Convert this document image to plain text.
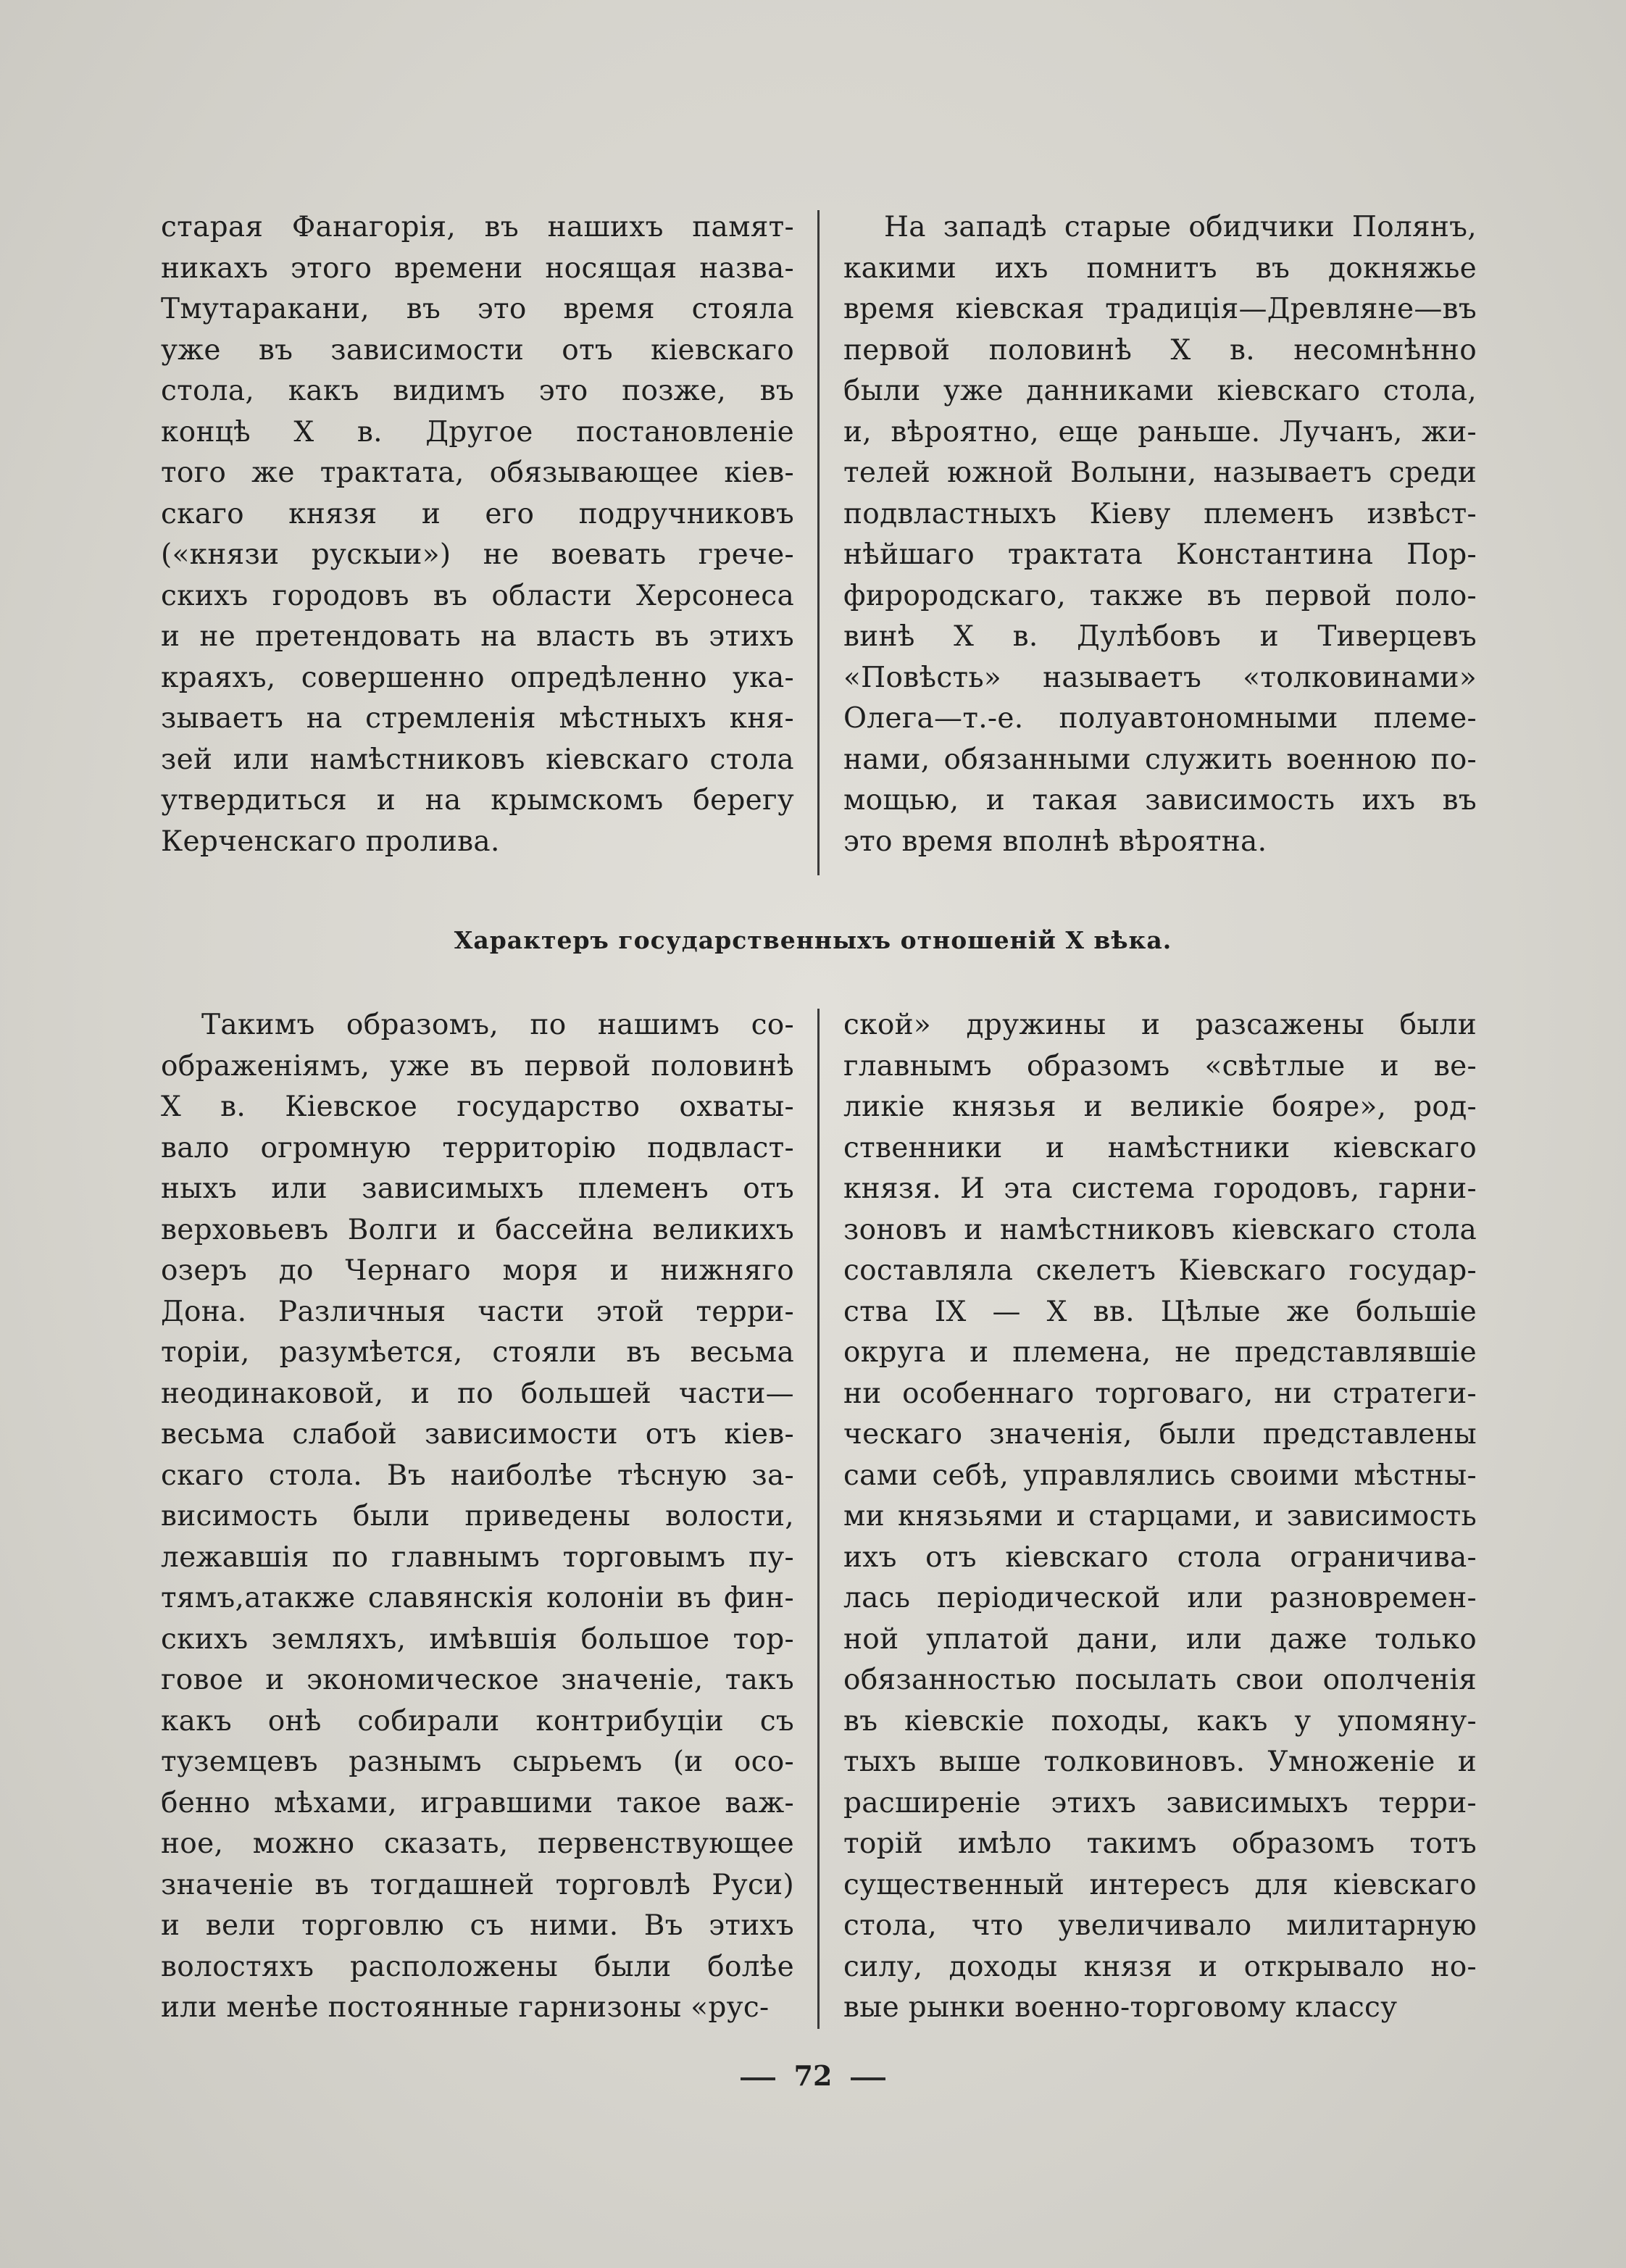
старая Фанагорія, въ нашихъ памят-
никахъ этого времени носящая назва-
Тмутаракани, въ это время стояла
уже въ зависимости отъ кіевскаго
стола, какъ видимъ это позже, въ
концѣ X в. Другое постановленіе
того же трактата, обязывающее кіев-
скаго князя и его подручниковъ
(«князи рускыи») не воевать грече-
скихъ городовъ въ области Херсонеса
и не претендовать на власть въ этихъ
краяхъ, совершенно опредѣленно ука-
зываетъ на стремленія мѣстныхъ кня-
зей или намѣстниковъ кіевскаго стола
утвердиться и на крымскомъ берегу
Керченскаго пролива.
На западѣ старые обидчики Полянъ,
какими ихъ помнитъ въ докняжье
время кіевская традиція—Древляне—въ
первой половинѣ X в. несомнѣнно
были уже данниками кіевскаго стола,
и, вѣроятно, еще раньше. Лучанъ, жи-
телей южной Волыни, называетъ среди
подвластныхъ Кіеву племенъ извѣст-
нѣйшаго трактата Константина Пор-
фирородскаго, также въ первой поло-
винѣ X в. Дулѣбовъ и Тиверцевъ
«Повѣсть» называетъ «толковинами»
Олега—т.-е. полуавтономными племе-
нами, обязанными служить военною по-
мощью, и такая зависимость ихъ въ
это время вполнѣ вѣроятна.
Характеръ государственныхъ отношеній X вѣка.
Такимъ образомъ, по нашимъ со-
ображеніямъ, уже въ первой половинѣ
X в. Кіевское государство охваты-
вало огромную территорію подвласт-
ныхъ или зависимыхъ племенъ отъ
верховьевъ Волги и бассейна великихъ
озеръ до Чернаго моря и нижняго
Дона. Различныя части этой терри-
торіи, разумѣется, стояли въ весьма
неодинаковой, и по большей части—
весьма слабой зависимости отъ кіев-
скаго стола. Въ наиболѣе тѣсную за-
висимость были приведены волости,
лежавшія по главнымъ торговымъ пу-
тямъ,атакже славянскія колоніи въ фин-
скихъ земляхъ, имѣвшія большое тор-
говое и экономическое значеніе, такъ
какъ онѣ собирали контрибуціи съ
туземцевъ разнымъ сырьемъ (и осо-
бенно мѣхами, игравшими такое важ-
ное, можно сказать, первенствующее
значеніе въ тогдашней торговлѣ Руси)
и вели торговлю съ ними. Въ этихъ
волостяхъ расположены были болѣе
или менѣе постоянные гарнизоны «рус-
ской» дружины и разсажены были
главнымъ образомъ «свѣтлые и ве-
ликіе князья и великіе бояре», род-
ственники и намѣстники кіевскаго
князя. И эта система городовъ, гарни-
зоновъ и намѣстниковъ кіевскаго стола
составляла скелетъ Кіевскаго государ-
ства IX — X вв. Цѣлые же большіе
округа и племена, не представлявшіе
ни особеннаго торговаго, ни стратеги-
ческаго значенія, были представлены
сами себѣ, управлялись своими мѣстны-
ми князьями и старцами, и зависимость
ихъ отъ кіевскаго стола ограничива-
лась періодической или разновремен-
ной уплатой дани, или даже только
обязанностью посылать свои ополченія
въ кіевскіе походы, какъ у упомяну-
тыхъ выше толковиновъ. Умноженіе и
расширеніе этихъ зависимыхъ терри-
торій имѣло такимъ образомъ тотъ
существенный интересъ для кіевскаго
стола, что увеличивало милитарную
силу, доходы князя и открывало но-
вые рынки военно-торговому классу
72
